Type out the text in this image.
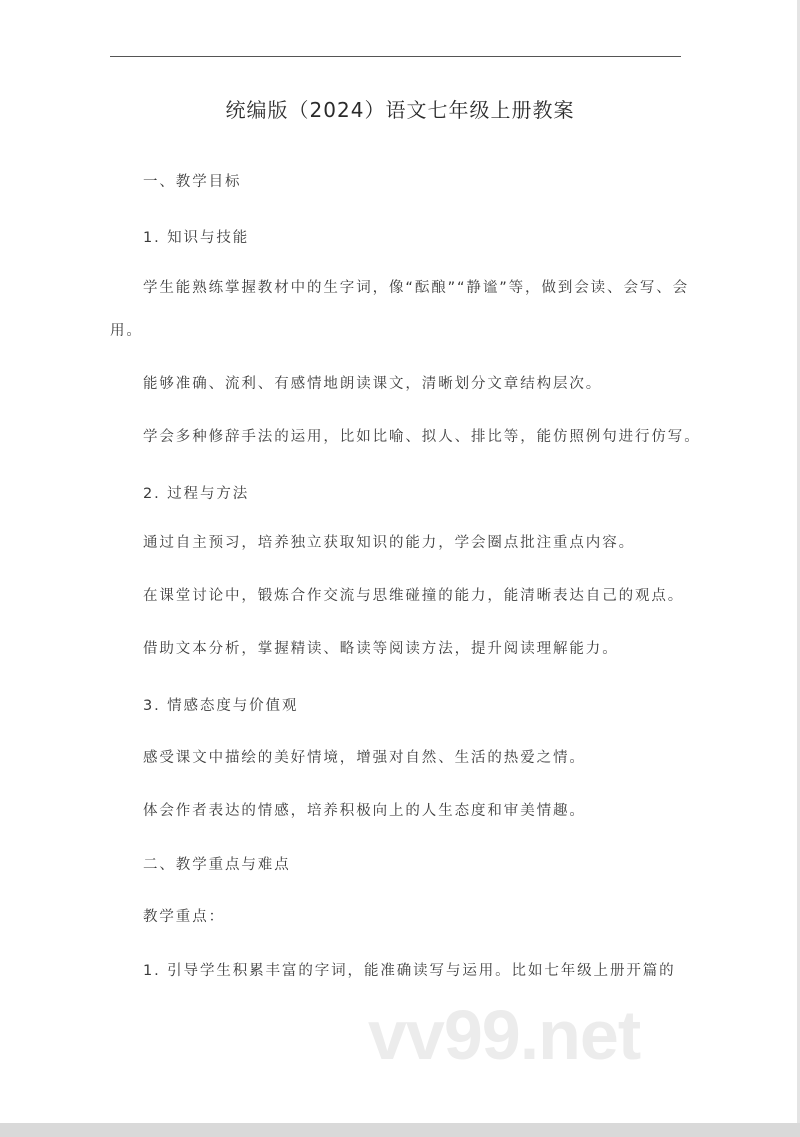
统编版（2024）语文七年级上册教案
一、教学目标
1. 知识与技能
学生能熟练掌握教材中的生字词，像“酝酿”“静谧”等，做到会读、会写、会
用。
能够准确、流利、有感情地朗读课文，清晰划分文章结构层次。
学会多种修辞手法的运用，比如比喻、拟人、排比等，能仿照例句进行仿写。
2. 过程与方法
通过自主预习，培养独立获取知识的能力，学会圈点批注重点内容。
在课堂讨论中，锻炼合作交流与思维碰撞的能力，能清晰表达自己的观点。
借助文本分析，掌握精读、略读等阅读方法，提升阅读理解能力。
3. 情感态度与价值观
感受课文中描绘的美好情境，增强对自然、生活的热爱之情。
体会作者表达的情感，培养积极向上的人生态度和审美情趣。
二、教学重点与难点
教学重点：
1. 引导学生积累丰富的字词，能准确读写与运用。比如七年级上册开篇的
vv99.net
